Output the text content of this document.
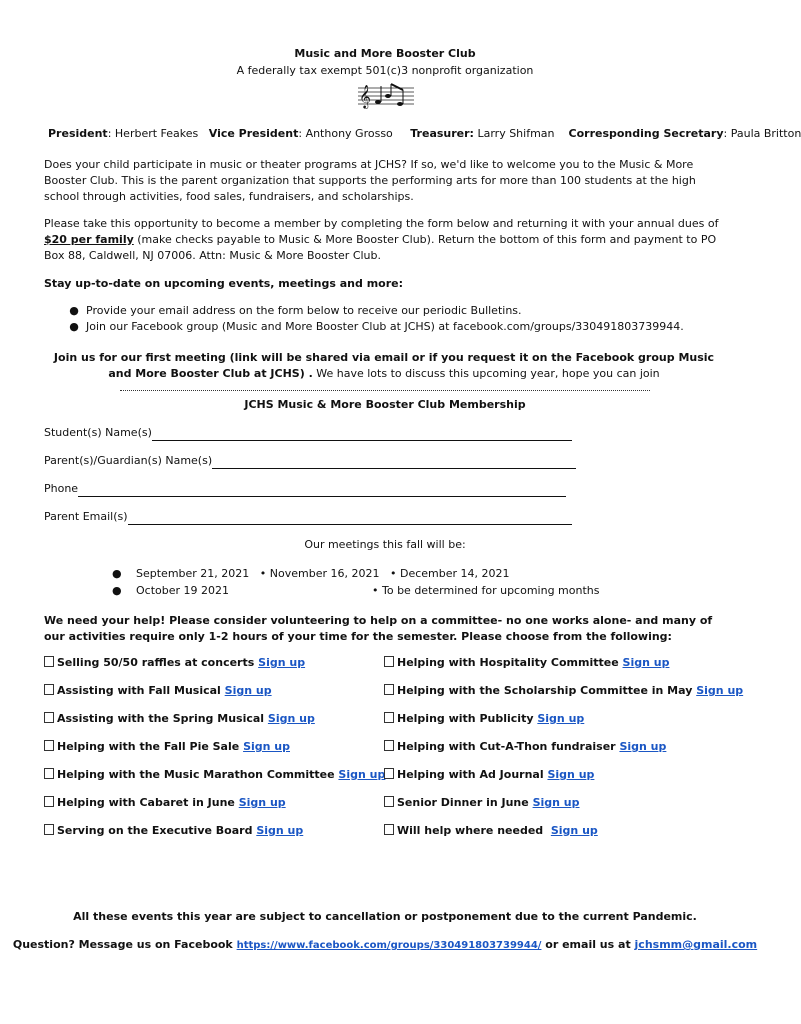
Music and More Booster Club
A federally tax exempt 501(c)3 nonprofit organization
𝄞
President: Herbert Feakes Vice President: Anthony Grosso Treasurer: Larry Shifman Corresponding Secretary: Paula Britton
Does your child participate in music or theater programs at JCHS? If so, we'd like to welcome you to the Music & More Booster Club. This is the parent organization that supports the performing arts for more than 100 students at the high school through activities, food sales, fundraisers, and scholarships.
Please take this opportunity to become a member by completing the form below and returning it with your annual dues of $20 per family (make checks payable to Music & More Booster Club). Return the bottom of this form and payment to PO Box 88, Caldwell, NJ 07006. Attn: Music & More Booster Club.
Stay up-to-date on upcoming events, meetings and more:
● Provide your email address on the form below to receive our periodic Bulletins.
● Join our Facebook group (Music and More Booster Club at JCHS) at facebook.com/groups/330491803739944.
Join us for our first meeting (link will be shared via email or if you request it on the Facebook group Music and More Booster Club at JCHS) . We have lots to discuss this upcoming year, hope you can join
JCHS Music & More Booster Club Membership
Student(s) Name(s)
Parent(s)/Guardian(s) Name(s)
Phone
Parent Email(s)
Our meetings this fall will be:
● September 21, 2021   • November 16, 2021   • December 14, 2021
● October 19 2021	• To be determined for upcoming months
We need your help! Please consider volunteering to help on a committee- no one works alone- and many of our activities require only 1-2 hours of your time for the semester. Please choose from the following:
Selling 50/50 raffles at concerts Sign up
Assisting with Fall Musical Sign up
Assisting with the Spring Musical Sign up
Helping with the Fall Pie Sale Sign up
Helping with the Music Marathon Committee Sign up
Helping with Cabaret in June Sign up
Serving on the Executive Board Sign up
Helping with Hospitality Committee Sign up
Helping with the Scholarship Committee in May Sign up
Helping with Publicity Sign up
Helping with Cut-A-Thon fundraiser Sign up
Helping with Ad Journal Sign up
Senior Dinner in June Sign up
Will help where needed Sign up
All these events this year are subject to cancellation or postponement due to the current Pandemic.
Question? Message us on Facebook https://www.facebook.com/groups/330491803739944/ or email us at jchsmm@gmail.com
